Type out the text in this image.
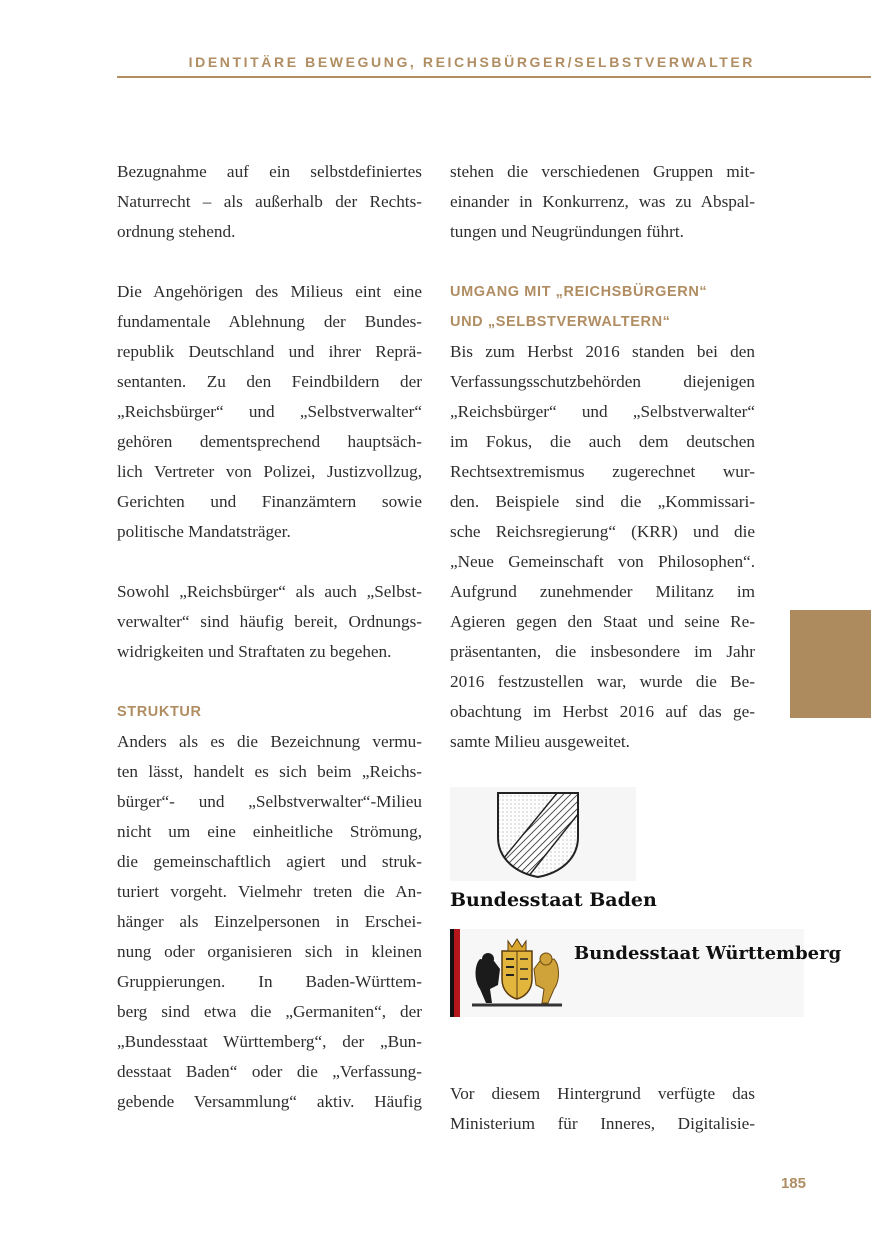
IDENTITÄRE BEWEGUNG, REICHSBÜRGER/SELBSTVERWALTER

Bezugnahme auf ein selbstdefiniertes
Naturrecht – als außerhalb der Rechts-
ordnung stehend.

Die Angehörigen des Milieus eint eine
fundamentale Ablehnung der Bundes-
republik Deutschland und ihrer Reprä-
sentanten. Zu den Feindbildern der
„Reichsbürger“ und „Selbstverwalter“
gehören dementsprechend hauptsäch-
lich Vertreter von Polizei, Justizvollzug,
Gerichten und Finanzämtern sowie
politische Mandatsträger.

Sowohl „Reichsbürger“ als auch „Selbst-
verwalter“ sind häufig bereit, Ordnungs-
widrigkeiten und Straftaten zu begehen.

STRUKTUR

Anders als es die Bezeichnung vermu-
ten lässt, handelt es sich beim „Reichs-
bürger“- und „Selbstverwalter“-Milieu
nicht um eine einheitliche Strömung,
die gemeinschaftlich agiert und struk-
turiert vorgeht. Vielmehr treten die An-
hänger als Einzelpersonen in Erschei-
nung oder organisieren sich in kleinen
Gruppierungen. In Baden-Württem-
berg sind etwa die „Germaniten“, der
„Bundesstaat Württemberg“, der „Bun-
desstaat Baden“ oder die „Verfassung-
gebende Versammlung“ aktiv. Häufig

stehen die verschiedenen Gruppen mit-
einander in Konkurrenz, was zu Abspal-
tungen und Neugründungen führt.

UMGANG MIT „REICHSBÜRGERN“
UND „SELBSTVERWALTERN“

Bis zum Herbst 2016 standen bei den
Verfassungsschutzbehörden diejenigen
„Reichsbürger“ und „Selbstverwalter“
im Fokus, die auch dem deutschen
Rechtsextremismus zugerechnet wur-
den. Beispiele sind die „Kommissari-
sche Reichsregierung“ (KRR) und die
„Neue Gemeinschaft von Philosophen“.
Aufgrund zunehmender Militanz im
Agieren gegen den Staat und seine Re-
präsentanten, die insbesondere im Jahr
2016 festzustellen war, wurde die Be-
obachtung im Herbst 2016 auf das ge-
samte Milieu ausgeweitet.

Bundesstaat Baden
Bundesstaat Württemberg

Vor diesem Hintergrund verfügte das
Ministerium für Inneres, Digitalisie-

185
